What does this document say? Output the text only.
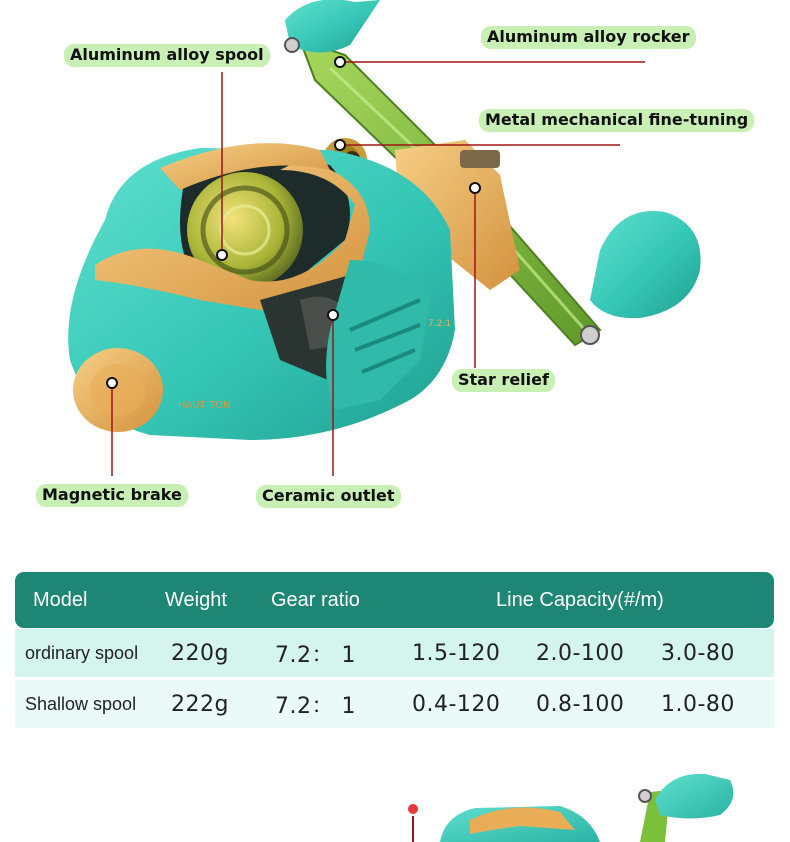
HAUT TON
7.2:1
Aluminum alloy spool
Aluminum alloy rocker
Metal mechanical fine-tuning
Star relief
Magnetic brake	Ceramic outlet
Model	Weight Gear ratio	Line Capacity(#/m)
ordinary spool 220g 7.2： 1	1.5-120 2.0-100 3.0-80
Shallow spool 222g 7.2： 1	0.4-120 0.8-100 1.0-80
